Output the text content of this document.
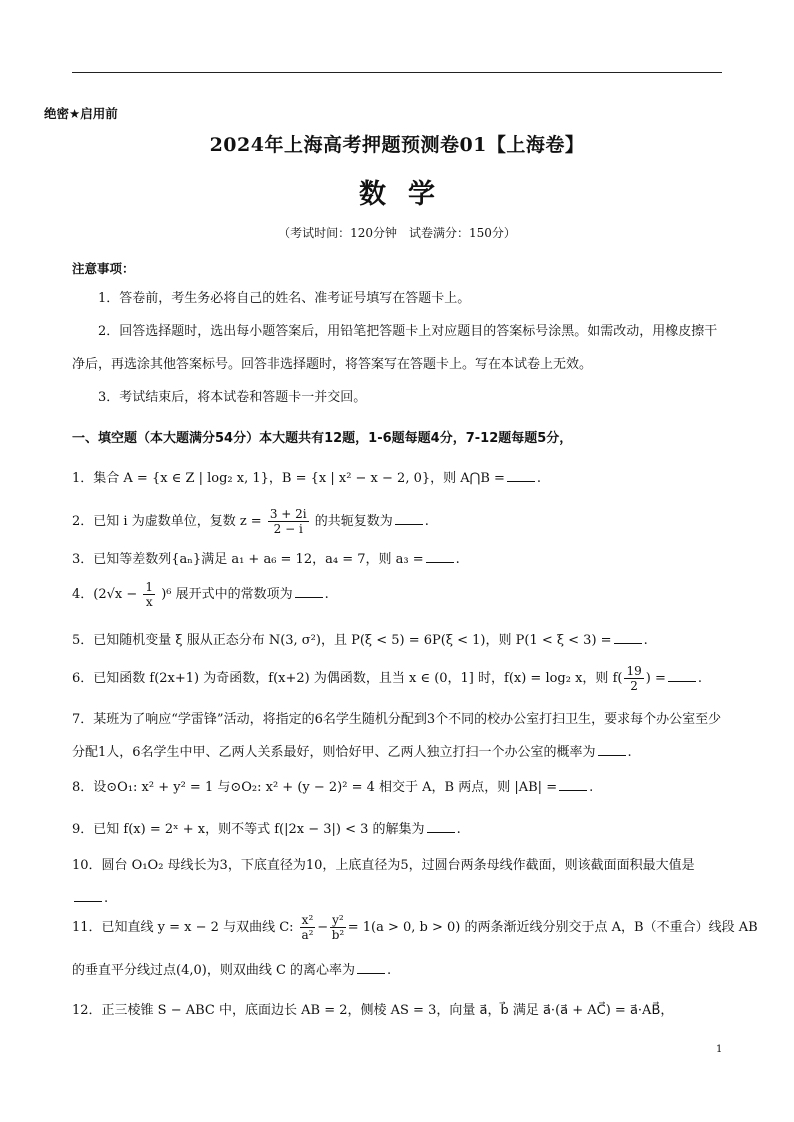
绝密★启用前
2024年上海高考押题预测卷01【上海卷】
数学
（考试时间：120分钟　试卷满分：150分）
注意事项：
1．答卷前，考生务必将自己的姓名、准考证号填写在答题卡上。
2．回答选择题时，选出每小题答案后，用铅笔把答题卡上对应题目的答案标号涂黑。如需改动，用橡皮擦干净后，再选涂其他答案标号。回答非选择题时，将答案写在答题卡上。写在本试卷上无效。
3．考试结束后，将本试卷和答题卡一并交回。
一、填空题（本大题满分54分）本大题共有12题，1-6题每题4分，7-12题每题5分，
1．集合 A = {x ∈ Z | log₂ x, 1}，B = {x | x² − x − 2, 0}，则 A⋂B = .
2．已知 i 为虚数单位，复数 $z = \frac{3 + 2i}{2 - i}$ 的共轭复数为 .
3．已知等差数列{aₙ}满足 a₁ + a₆ = 12，a₄ = 7，则 a₃ = .
4．$(2√x - \frac{1}{x} )^6$ 展开式中的常数项为 .
5．已知随机变量 ξ 服从正态分布 N(3, σ²)，且 P(ξ < 5) = 6P(ξ < 1)，则 P(1 < ξ < 3) = .
6．已知函数 f(2x+1) 为奇函数，f(x+2) 为偶函数，且当 x ∈ (0，1] 时，f(x) = log₂ x，则 $f( \frac{19}{2}$ ) = .
7．某班为了响应“学雷锋”活动，将指定的6名学生随机分配到3个不同的校办公室打扫卫生，要求每个办公室至少分配1人，6名学生中甲、乙两人关系最好，则恰好甲、乙两人独立打扫一个办公室的概率为 .
8．设⊙O₁: x² + y² = 1 与⊙O₂: x² + (y − 2)² = 4 相交于 A，B 两点，则 |AB| = .
9．已知 f(x) = 2ˣ + x，则不等式 f(|2x − 3|) < 3 的解集为 .
10．圆台 O₁O₂ 母线长为3，下底直径为10，上底直径为5，过圆台两条母线作截面，则该截面面积最大值是.
11．已知直线 y = x − 2 与双曲线 C: $\frac{\text{x²}}{\text{a²}} - \frac{\text{y²}}{\text{b²}} = 1(a > 0$, b > 0) 的两条渐近线分别交于点 A，B（不重合）线段 AB
的垂直平分线过点(4,0)，则双曲线 C 的离心率为 .
12．正三棱锥 S − ABC 中，底面边长 AB = 2，侧棱 AS = 3，向量 a⃗，b⃗ 满足 a⃗·(a⃗ + AC⃗) = a⃗·AB⃗，
1
